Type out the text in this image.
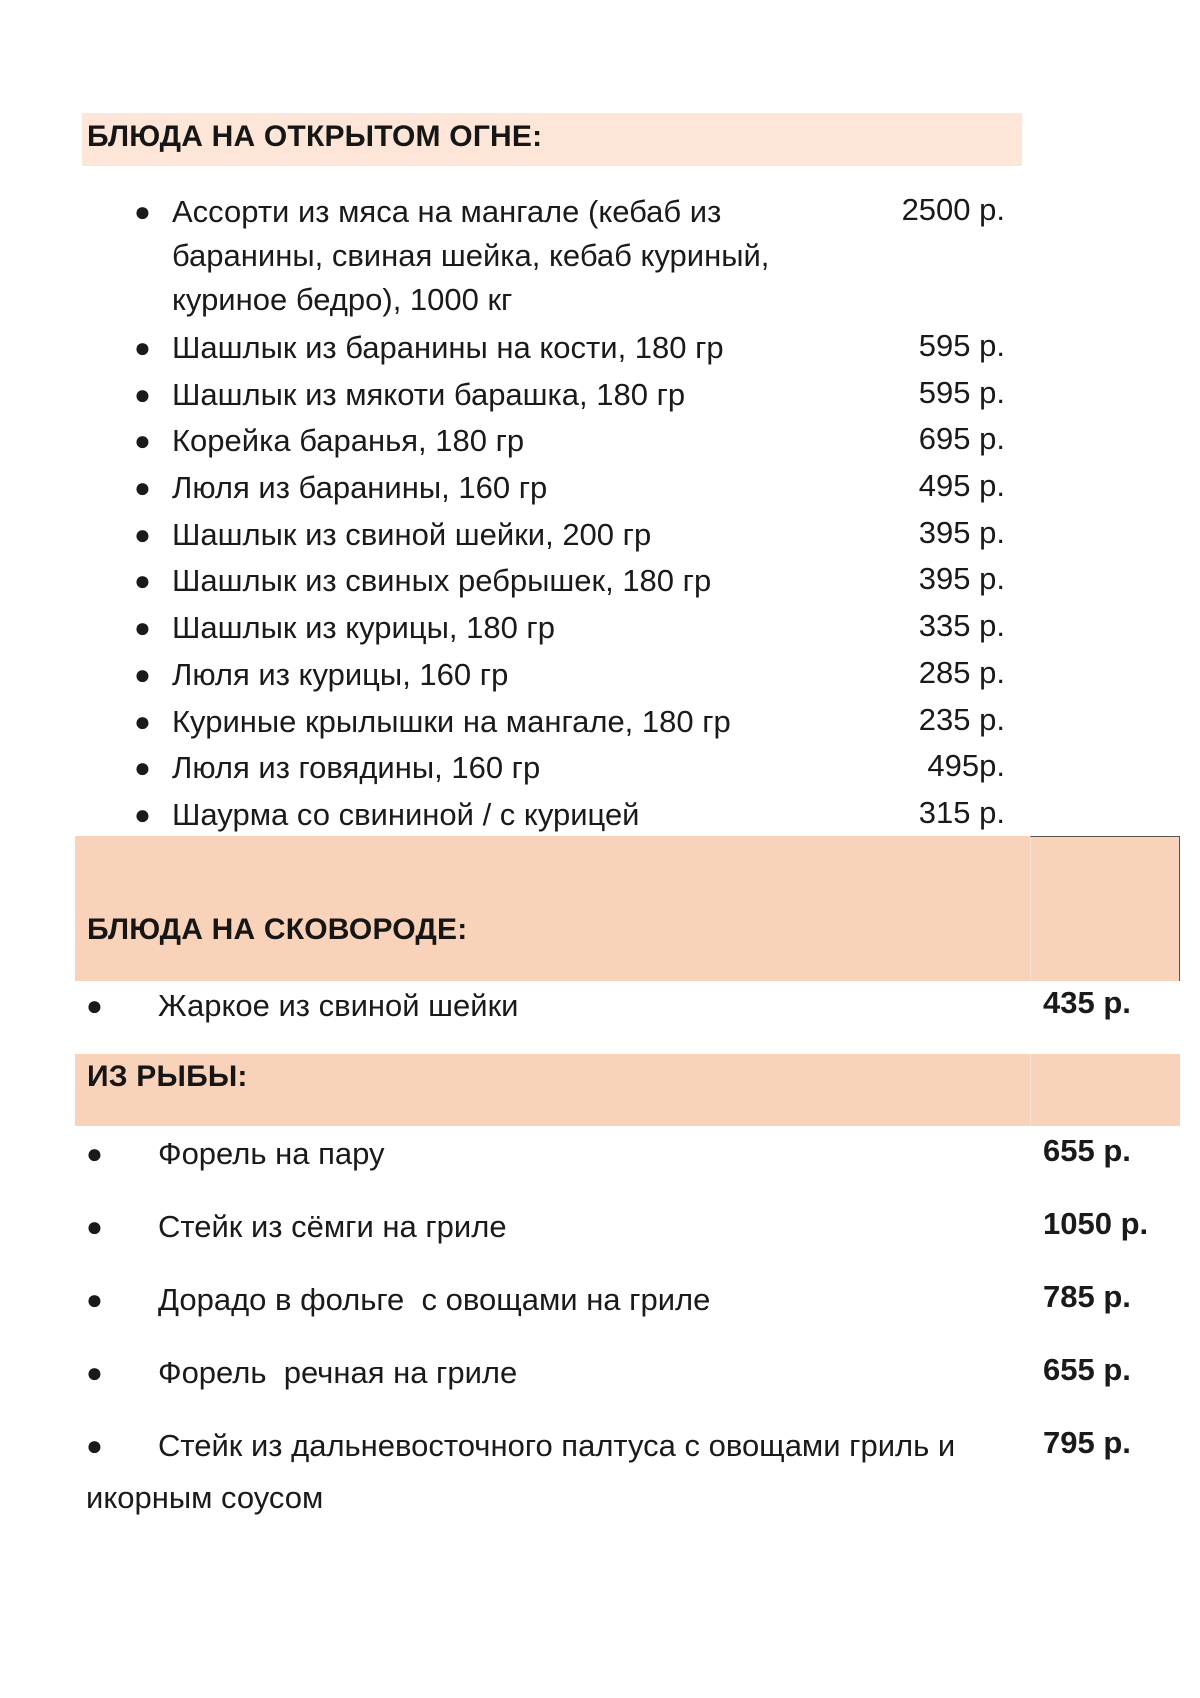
БЛЮДА НА ОТКРЫТОМ ОГНЕ:
● Ассорти из мяса на мангале (кебаб из баранины, свиная шейка, кебаб куриный, куриное бедро), 1000 кг
2500 р.
● Шашлык из баранины на кости, 180 гр	595 р.
● Шашлык из мякоти барашка, 180 гр	595 р.
● Корейка баранья, 180 гр	695 р.
● Люля из баранины, 160 гр	495 р.
● Шашлык из свиной шейки, 200 гр	395 р.
● Шашлык из свиных ребрышек, 180 гр	395 р.
● Шашлык из курицы, 180 гр	335 р.
● Люля из курицы, 160 гр	285 р.
● Куриные крылышки на мангале, 180 гр	235 р.
● Люля из говядины, 160 гр	495р.
● Шаурма со свининой / с курицей	315 р.
БЛЮДА НА СКОВОРОДЕ:
● Жаркое из свиной шейки	435 р.
ИЗ РЫБЫ:
● Форель на пару	655 р.
● Стейк из сёмги на гриле	1050 р.
● Дорадо в фольге  с овощами на гриле	785 р.
● Форель  речная на гриле	655 р.
● Стейк из дальневосточного палтуса с овощами гриль и	795 р.
икорным соусом
